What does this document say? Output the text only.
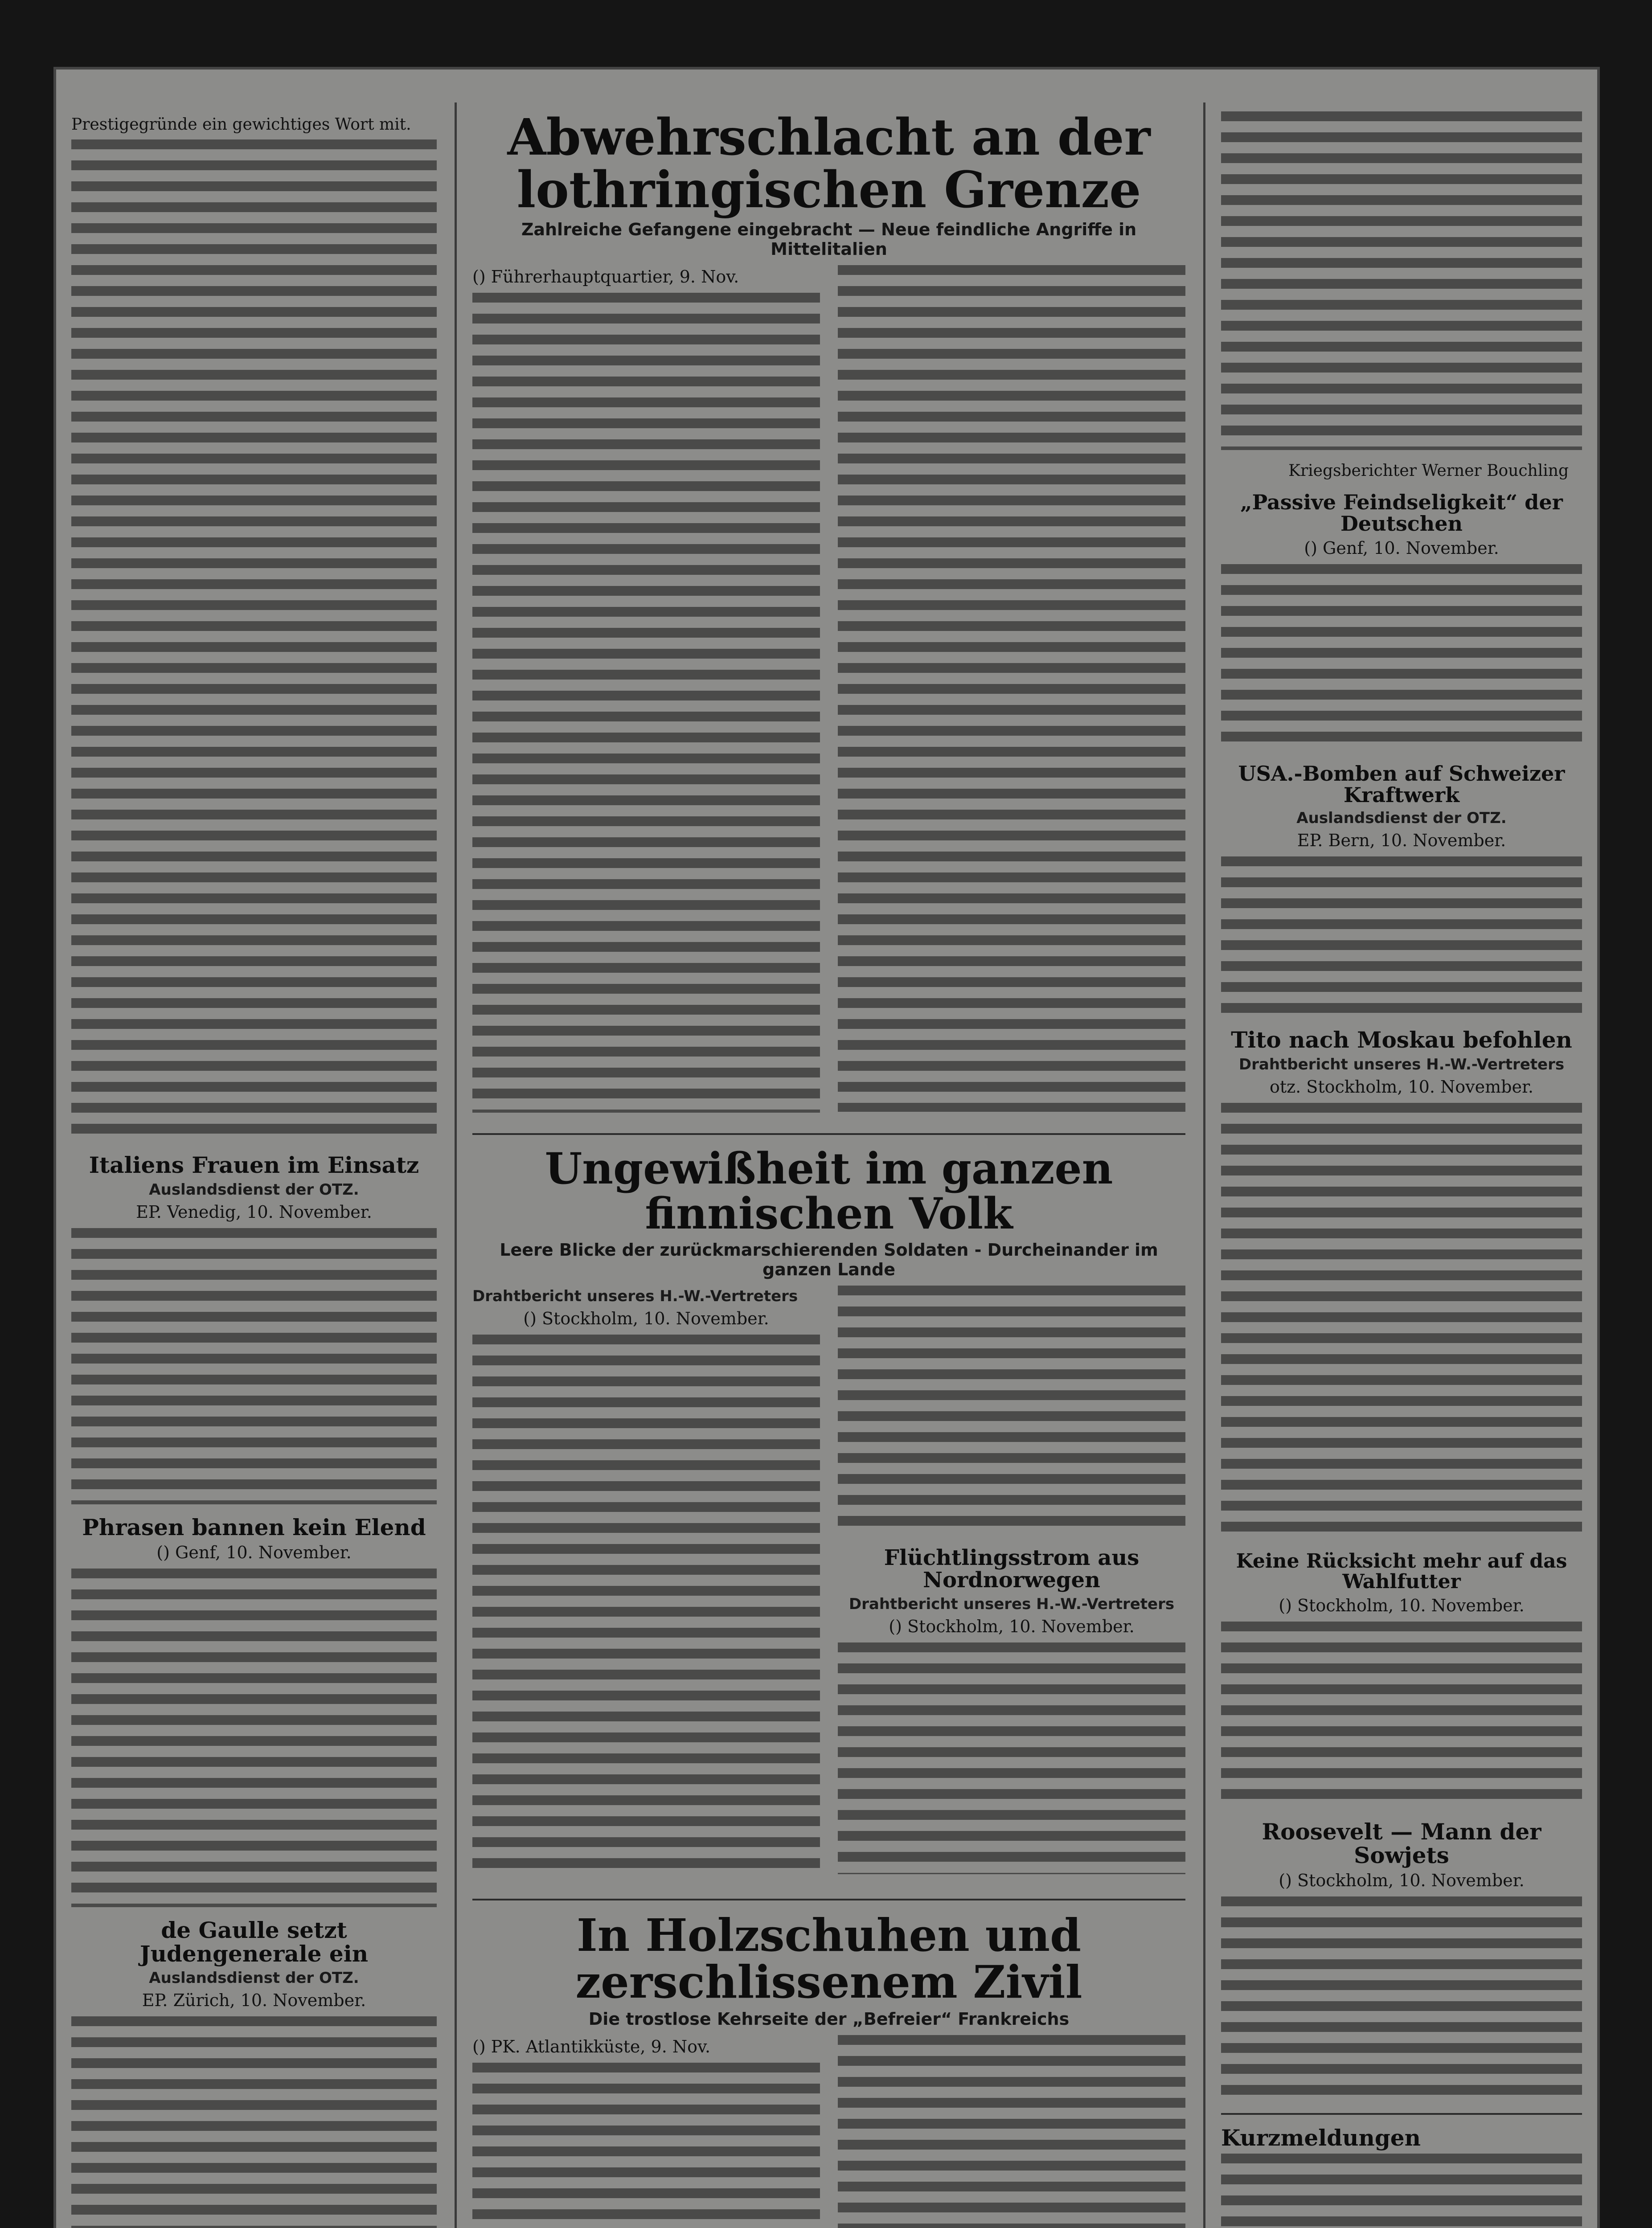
Prestigegründe ein gewichtiges Wort mit.
Italiens Frauen im Einsatz
Auslandsdienst der OTZ.
EP. Venedig, 10. November.
Phrasen bannen kein Elend
() Genf, 10. November.
de Gaulle setzt Judengenerale ein
Auslandsdienst der OTZ.
EP. Zürich, 10. November.
Abwehrschlacht an der lothringischen Grenze
Zahlreiche Gefangene eingebracht — Neue feindliche Angriffe in Mittelitalien
() Führerhauptquartier, 9. Nov.
Ungewißheit im ganzen finnischen Volk
Leere Blicke der zurückmarschierenden Soldaten - Durcheinander im ganzen Lande
Drahtbericht unseres H.-W.-Vertreters
() Stockholm, 10. November.
Flüchtlingsstrom aus Nordnorwegen
Drahtbericht unseres H.-W.-Vertreters
() Stockholm, 10. November.
In Holzschuhen und zerschlissenem Zivil
Die trostlose Kehrseite der „Befreier“ Frankreichs
() PK. Atlantikküste, 9. Nov.
Kriegsberichter Werner Bouchling
„Passive Feindseligkeit“ der Deutschen
() Genf, 10. November.
USA.-Bomben auf Schweizer Kraftwerk
Auslandsdienst der OTZ.
EP. Bern, 10. November.
Tito nach Moskau befohlen
Drahtbericht unseres H.-W.-Vertreters
otz. Stockholm, 10. November.
Keine Rücksicht mehr auf das Wahlfutter
() Stockholm, 10. November.
Roosevelt — Mann der Sowjets
() Stockholm, 10. November.
Kurzmeldungen
